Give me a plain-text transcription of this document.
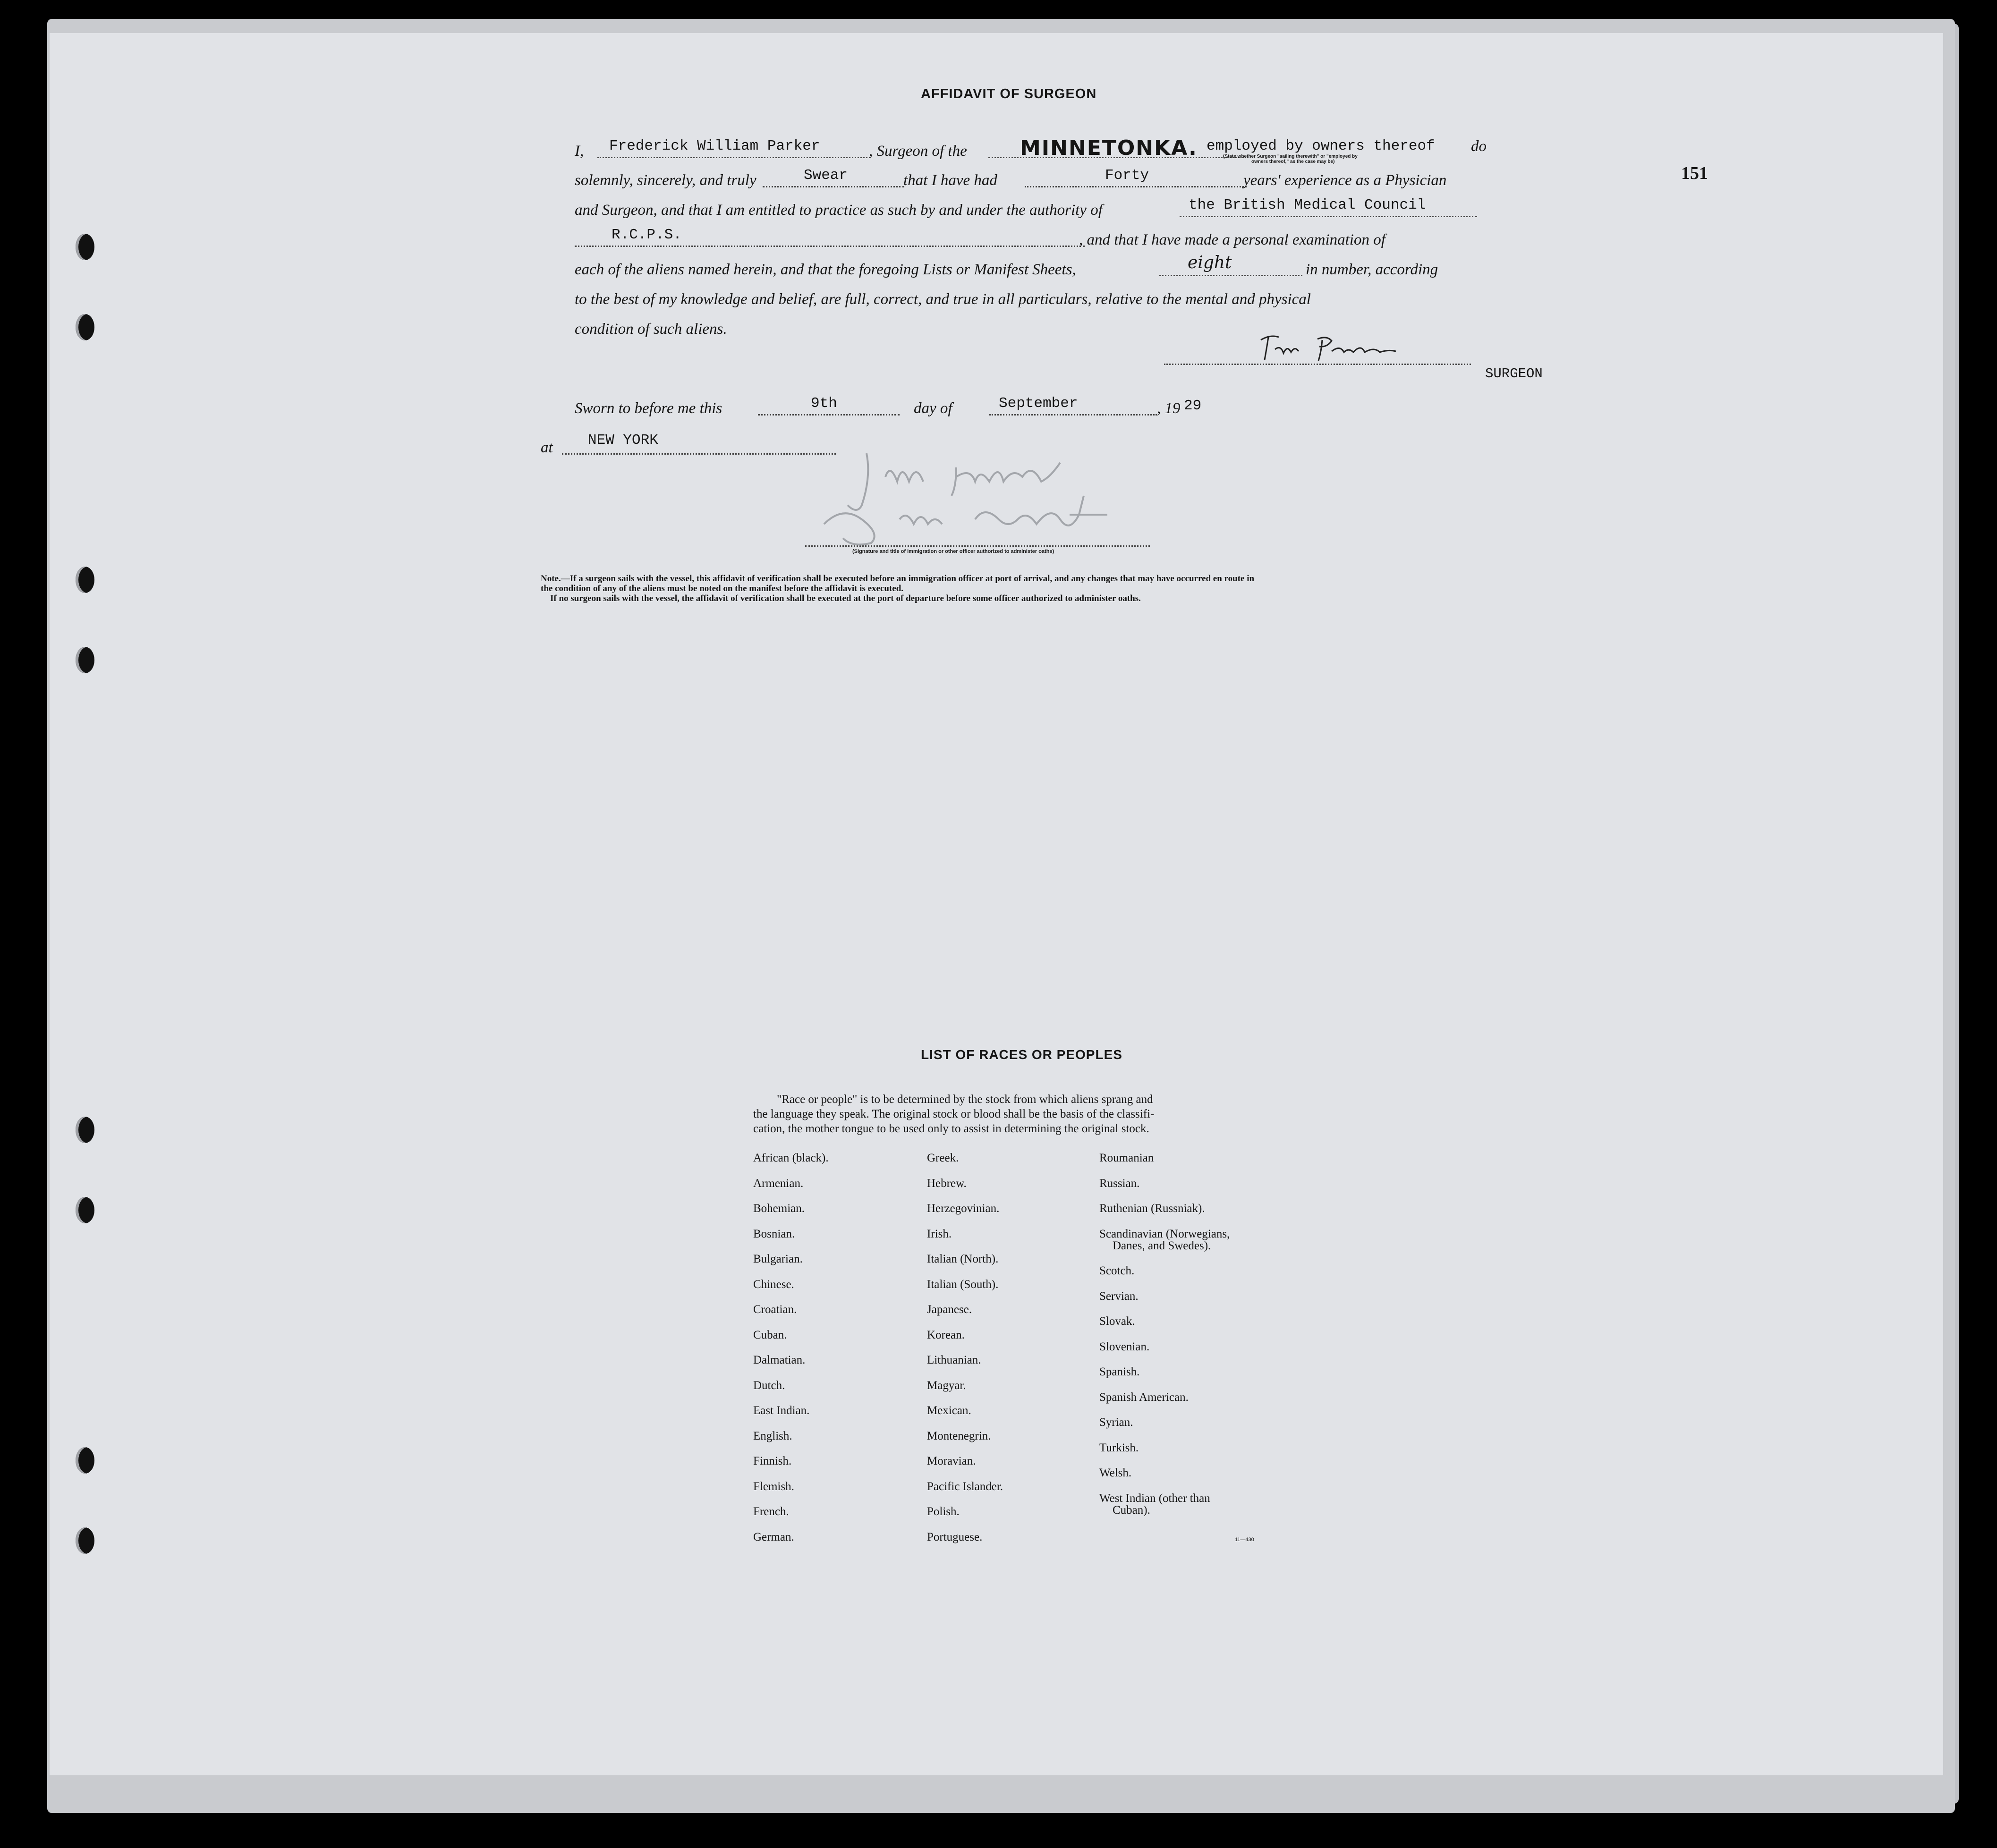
151
AFFIDAVIT OF SURGEON
I, Frederick William Parker	, Surgeon of the	MINNETONKA. employed by owners thereof
(State whether Surgeon "sailing therewith" or "employed by
owners thereof," as the case may be)
do
solemnly, sincerely, and truly	Swear	that I have had	Forty	years' experience as a Physician
and Surgeon, and that I am entitled to practice as such by and under the authority of	the British Medical Council
R.C.P.S.	, and that I have made a personal examination of
each of the aliens named herein, and that the foregoing Lists or Manifest Sheets,	eight	in number, according
to the best of my knowledge and belief, are full, correct, and true in all particulars, relative to the mental and physical
condition of such aliens.
SURGEON
Sworn to before me this	9th	day of	September	, 19 29
at NEW YORK
(Signature and title of immigration or other officer authorized to administer oaths)
Note.—If a surgeon sails with the vessel, this affidavit of verification shall be executed before an immigration officer at port of arrival, and any changes that may have occurred en route in
the condition of any of the aliens must be noted on the manifest before the affidavit is executed.
If no surgeon sails with the vessel, the affidavit of verification shall be executed at the port of departure before some officer authorized to administer oaths.
LIST OF RACES OR PEOPLES
"Race or people" is to be determined by the stock from which aliens sprang and
the language they speak. The original stock or blood shall be the basis of the classifi-
cation, the mother tongue to be used only to assist in determining the original stock.
African (black).
Armenian.
Bohemian.
Bosnian.
Bulgarian.
Chinese.
Croatian.
Cuban.
Dalmatian.
Dutch.
East Indian.
English.
Finnish.
Flemish.
French.
German.
Greek.
Hebrew.
Herzegovinian.
Irish.
Italian (North).
Italian (South).
Japanese.
Korean.
Lithuanian.
Magyar.
Mexican.
Montenegrin.
Moravian.
Pacific Islander.
Polish.
Portuguese.
Roumanian
Russian.
Ruthenian (Russniak).
Scandinavian (Norwegians,
Danes, and Swedes).
Scotch.
Servian.
Slovak.
Slovenian.
Spanish.
Spanish American.
Syrian.
Turkish.
Welsh.
West Indian (other than
Cuban).
11—430
